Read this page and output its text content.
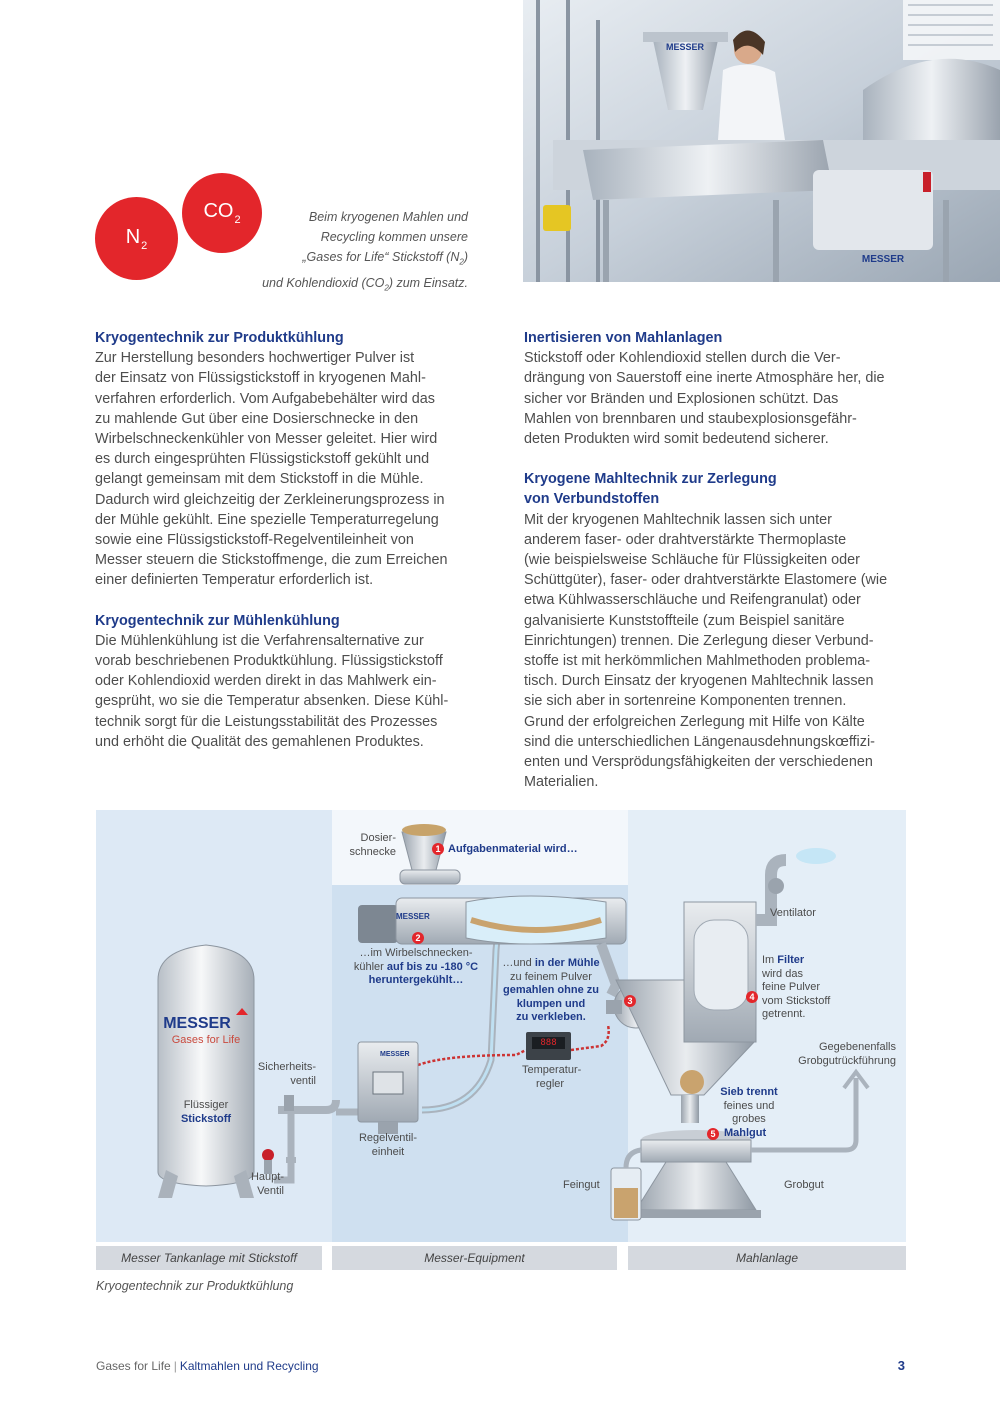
MESSER
MESSER
$N_2$
$CO_2$	Beim kryogenen Mahlen und
Recycling kommen unsere
„Gases for Life“ Stickstoff $(N_2)$
und Kohlendioxid $(CO_2)$ zum Einsatz.
Kryogentechnik zur Produktkühlung
Zur Herstellung besonders hochwertiger Pulver ist
der Einsatz von Flüssigstickstoff in kryogenen Mahl-
verfahren erforderlich. Vom Aufgabebehälter wird das
zu mahlende Gut über eine Dosierschnecke in den
Wirbelschneckenkühler von Messer geleitet. Hier wird
es durch eingesprühten Flüssigstickstoff gekühlt und
gelangt gemeinsam mit dem Stickstoff in die Mühle.
Dadurch wird gleichzeitig der Zerkleinerungsprozess in
der Mühle gekühlt. Eine spezielle Temperaturregelung
sowie eine Flüssigstickstoff-Regelventileinheit von
Messer steuern die Stickstoffmenge, die zum Erreichen
einer definierten Temperatur erforderlich ist.
Kryogentechnik zur Mühlenkühlung
Die Mühlenkühlung ist die Verfahrensalternative zur
vorab beschriebenen Produktkühlung. Flüssigstickstoff
oder Kohlendioxid werden direkt in das Mahlwerk ein-
gesprüht, wo sie die Temperatur absenken. Diese Kühl-
technik sorgt für die Leistungsstabilität des Prozesses
und erhöht die Qualität des gemahlenen Produktes.
Inertisieren von Mahlanlagen
Stickstoff oder Kohlendioxid stellen durch die Ver-
drängung von Sauerstoff eine inerte Atmosphäre her, die
sicher vor Bränden und Explosionen schützt. Das
Mahlen von brennbaren und staubexplosionsgefähr-
deten Produkten wird somit bedeutend sicherer.
Kryogene Mahltechnik zur Zerlegung
von Verbundstoffen
Mit der kryogenen Mahltechnik lassen sich unter
anderem faser- oder drahtverstärkte Thermoplaste
(wie beispielsweise Schläuche für Flüssigkeiten oder
Schüttgüter), faser- oder drahtverstärkte Elastomere (wie
etwa Kühlwasserschläuche und Reifengranulat) oder
galvanisierte Kunststoffteile (zum Beispiel sanitäre
Einrichtungen) trennen. Die Zerlegung dieser Verbund-
stoffe ist mit herkömmlichen Mahlmethoden problema-
tisch. Durch Einsatz der kryogenen Mahltechnik lassen
sie sich aber in sortenreine Komponenten trennen.
Grund der erfolgreichen Zerlegung mit Hilfe von Kälte
sind die unterschiedlichen Längenausdehnungskœffizi-
enten und Versprödungsfähigkeiten der verschiedenen
Materialien.
Dosier-
schnecke	1 Aufgabenmaterial wird…
MESSER
2
…im Wirbelschnecken-
kühler auf bis zu -180 °C
heruntergekühlt…
…und in der Mühle
zu feinem Pulver
gemahlen ohne zu
klumpen und
zu verkleben.
3
Ventilator
4
Im Filter
wird das
feine Pulver
vom Stickstoff
getrennt.
Gegebenenfalls
Grobgutrückführung
Sieb trennt
feines und
grobes
5 Mahlgut
Feingut	Grobgut
Temperatur-
regler
888
MESSER
Regelventil-
einheit
Sicherheits-
ventil
Haupt-
Ventil
MESSER
Gases for Life
Flüssiger
Stickstoff
Messer Tankanlage mit Stickstoff	Messer-Equipment	Mahlanlage
Kryogentechnik zur Produktkühlung
Gases for Life | Kaltmahlen und Recycling	3
